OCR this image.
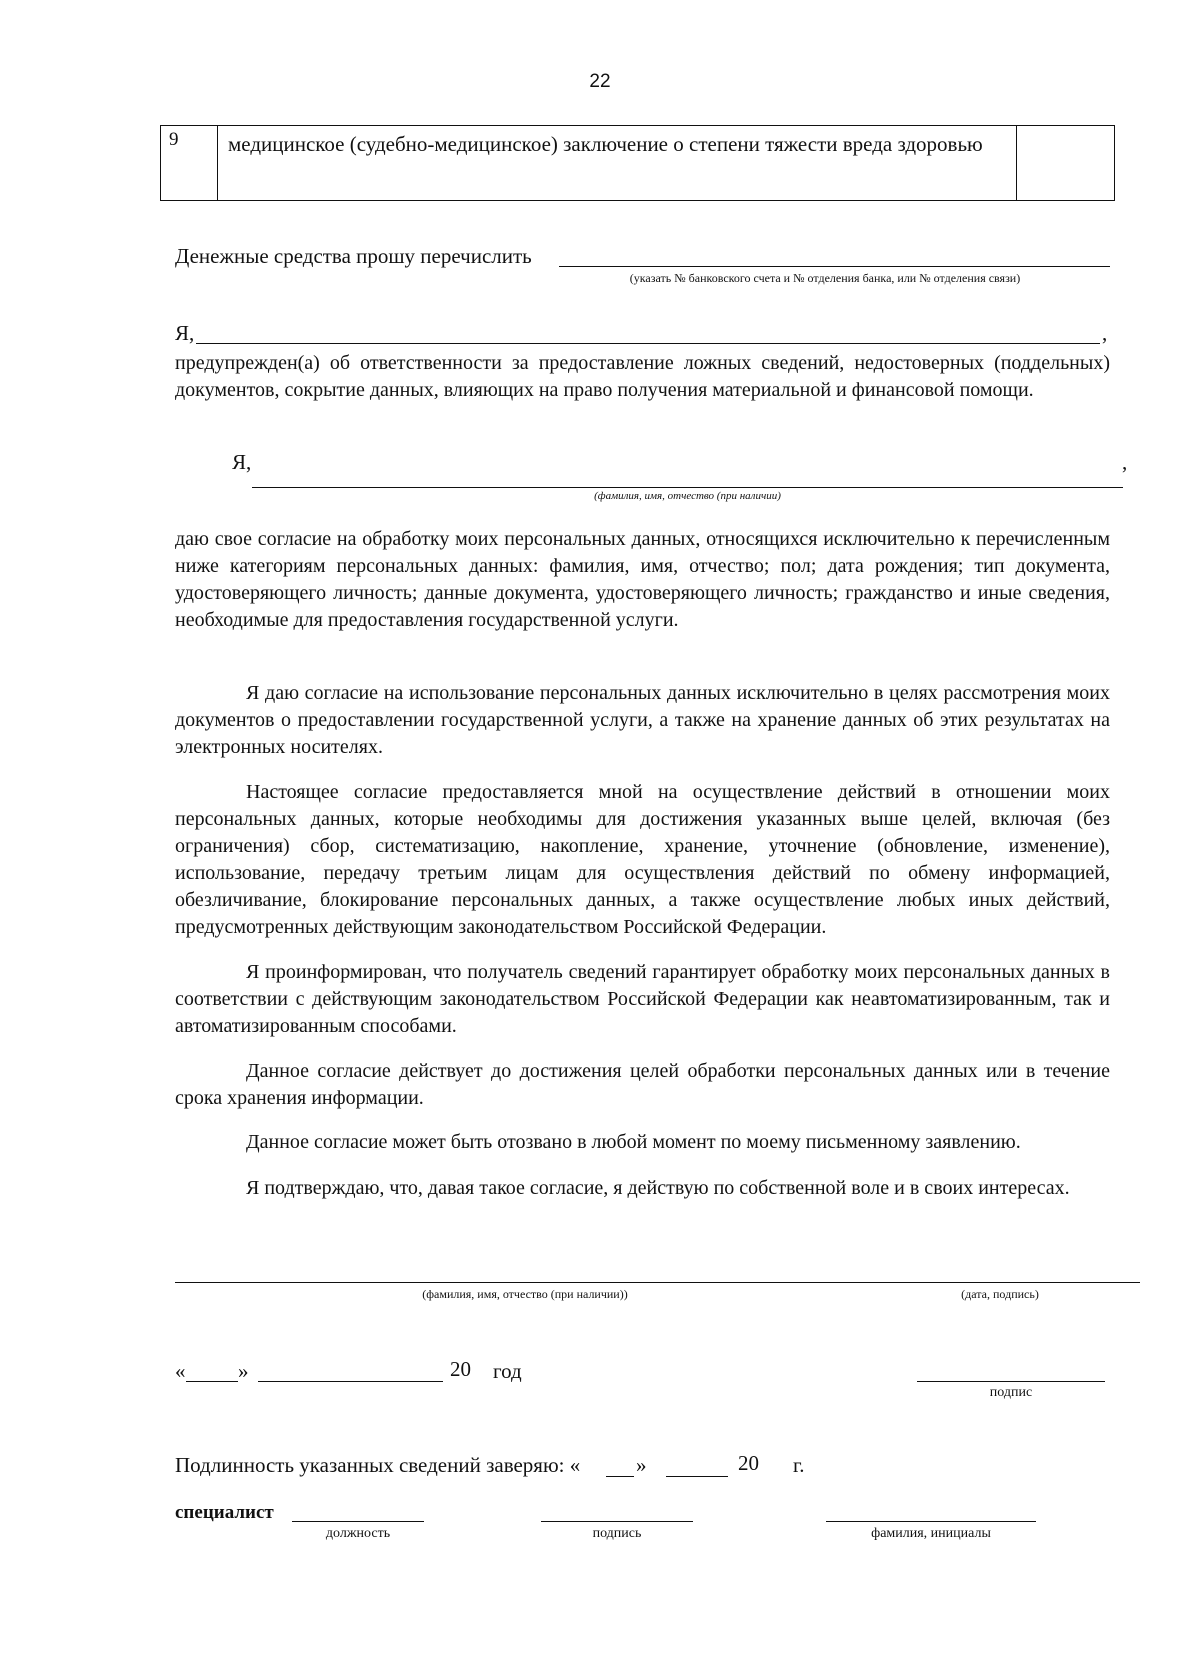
22
9	медицинское (судебно-медицинское) заключение о степени тяжести вреда здоровью
Денежные средства прошу перечислить
(указать № банковского счета и № отделения банка, или № отделения связи)
Я,	,

предупрежден(а) об ответственности за предоставление ложных сведений, недостоверных (поддельных) документов, сокрытие данных, влияющих на право получения материальной и финансовой помощи.

Я,	,
(фамилия, имя, отчество (при наличии)

даю свое согласие на обработку моих персональных данных, относящихся исключительно к перечисленным ниже категориям персональных данных: фамилия, имя, отчество; пол; дата рождения; тип документа, удостоверяющего личность; данные документа, удостоверяющего личность; гражданство и иные сведения, необходимые для предоставления государственной услуги.

Я даю согласие на использование персональных данных исключительно в целях рассмотрения моих документов о предоставлении государственной услуги, а также на хранение данных об этих результатах на электронных носителях.

Настоящее согласие предоставляется мной на осуществление действий в отношении моих персональных данных, которые необходимы для достижения указанных выше целей, включая (без ограничения) сбор, систематизацию, накопление, хранение, уточнение (обновление, изменение), использование, передачу третьим лицам для осуществления действий по обмену информацией, обезличивание, блокирование персональных данных, а также осуществление любых иных действий, предусмотренных действующим законодательством Российской Федерации.

Я проинформирован, что получатель сведений гарантирует обработку моих персональных данных в соответствии с действующим законодательством Российской Федерации как неавтоматизированным, так и автоматизированным способами.

Данное согласие действует до достижения целей обработки персональных данных или в течение срока хранения информации.

Данное согласие может быть отозвано в любой момент по моему письменному заявлению.

Я подтверждаю, что, давая такое согласие, я действую по собственной воле и в своих интересах.

(фамилия, имя, отчество (при наличии))	(дата, подпись)
«	»	20 год
подпис
Подлинность указанных сведений заверяю: «	»	20 г.
специалист
должность	подпись	фамилия, инициалы
